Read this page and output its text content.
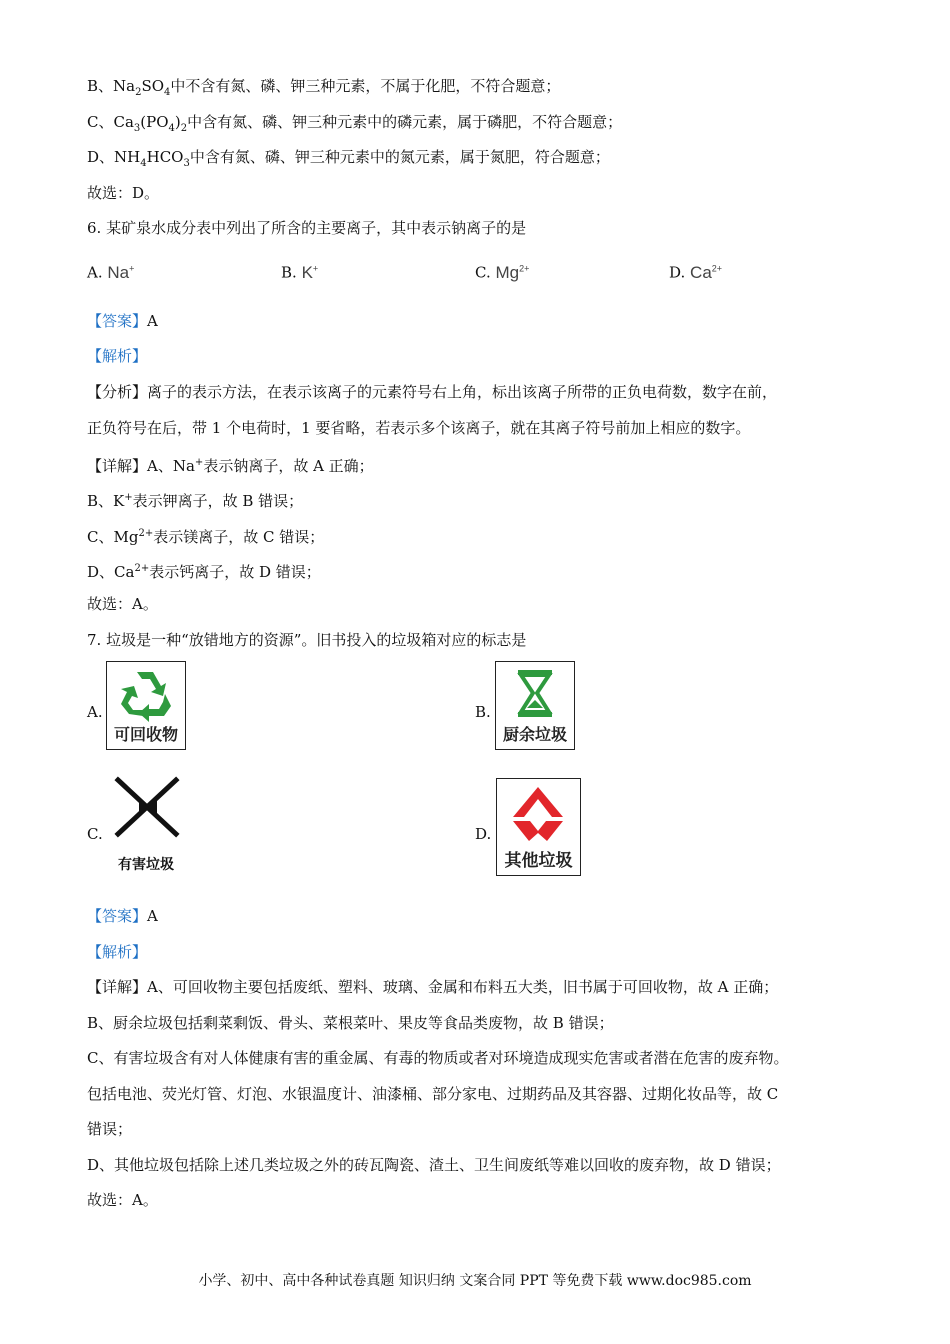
B、$Na_2SO_4$中不含有氮、磷、钾三种元素，不属于化肥，不符合题意；
C、$Ca_3(PO_4)_2$中含有氮、磷、钾三种元素中的磷元素，属于磷肥，不符合题意；
D、$NH_4HCO_3$中含有氮、磷、钾三种元素中的氮元素，属于氮肥，符合题意；
故选：D。
6. 某矿泉水成分表中列出了所含的主要离子，其中表示钠离子的是
A. Na+	B. K+	C. $Mg^{2+}$	D. $Ca^{2+}$
【答案】A
【解析】
【分析】离子的表示方法，在表示该离子的元素符号右上角，标出该离子所带的正负电荷数，数字在前，
正负符号在后，带 1 个电荷时，1 要省略，若表示多个该离子，就在其离子符号前加上相应的数字。
【详解】A、Na+表示钠离子，故 A 正确；
B、K+表示钾离子，故 B 错误；
C、$Mg^{2+}$表示镁离子，故 C 错误；
D、$Ca^{2+}$表示钙离子，故 D 错误；
故选：A。
7. 垃圾是一种“放错地方的资源”。旧书投入的垃圾箱对应的标志是
A.
可回收物
B.
厨余垃圾
C.
有害垃圾
D.
其他垃圾
【答案】A
【解析】
【详解】A、可回收物主要包括废纸、塑料、玻璃、金属和布料五大类，旧书属于可回收物，故 A 正确；
B、厨余垃圾包括剩菜剩饭、骨头、菜根菜叶、果皮等食品类废物，故 B 错误；
C、有害垃圾含有对人体健康有害的重金属、有毒的物质或者对环境造成现实危害或者潜在危害的废弃物。
包括电池、荧光灯管、灯泡、水银温度计、油漆桶、部分家电、过期药品及其容器、过期化妆品等，故 C
错误；
D、其他垃圾包括除上述几类垃圾之外的砖瓦陶瓷、渣土、卫生间废纸等难以回收的废弃物，故 D 错误；
故选：A。
小学、初中、高中各种试卷真题 知识归纳 文案合同 PPT 等免费下载 www.doc985.com
